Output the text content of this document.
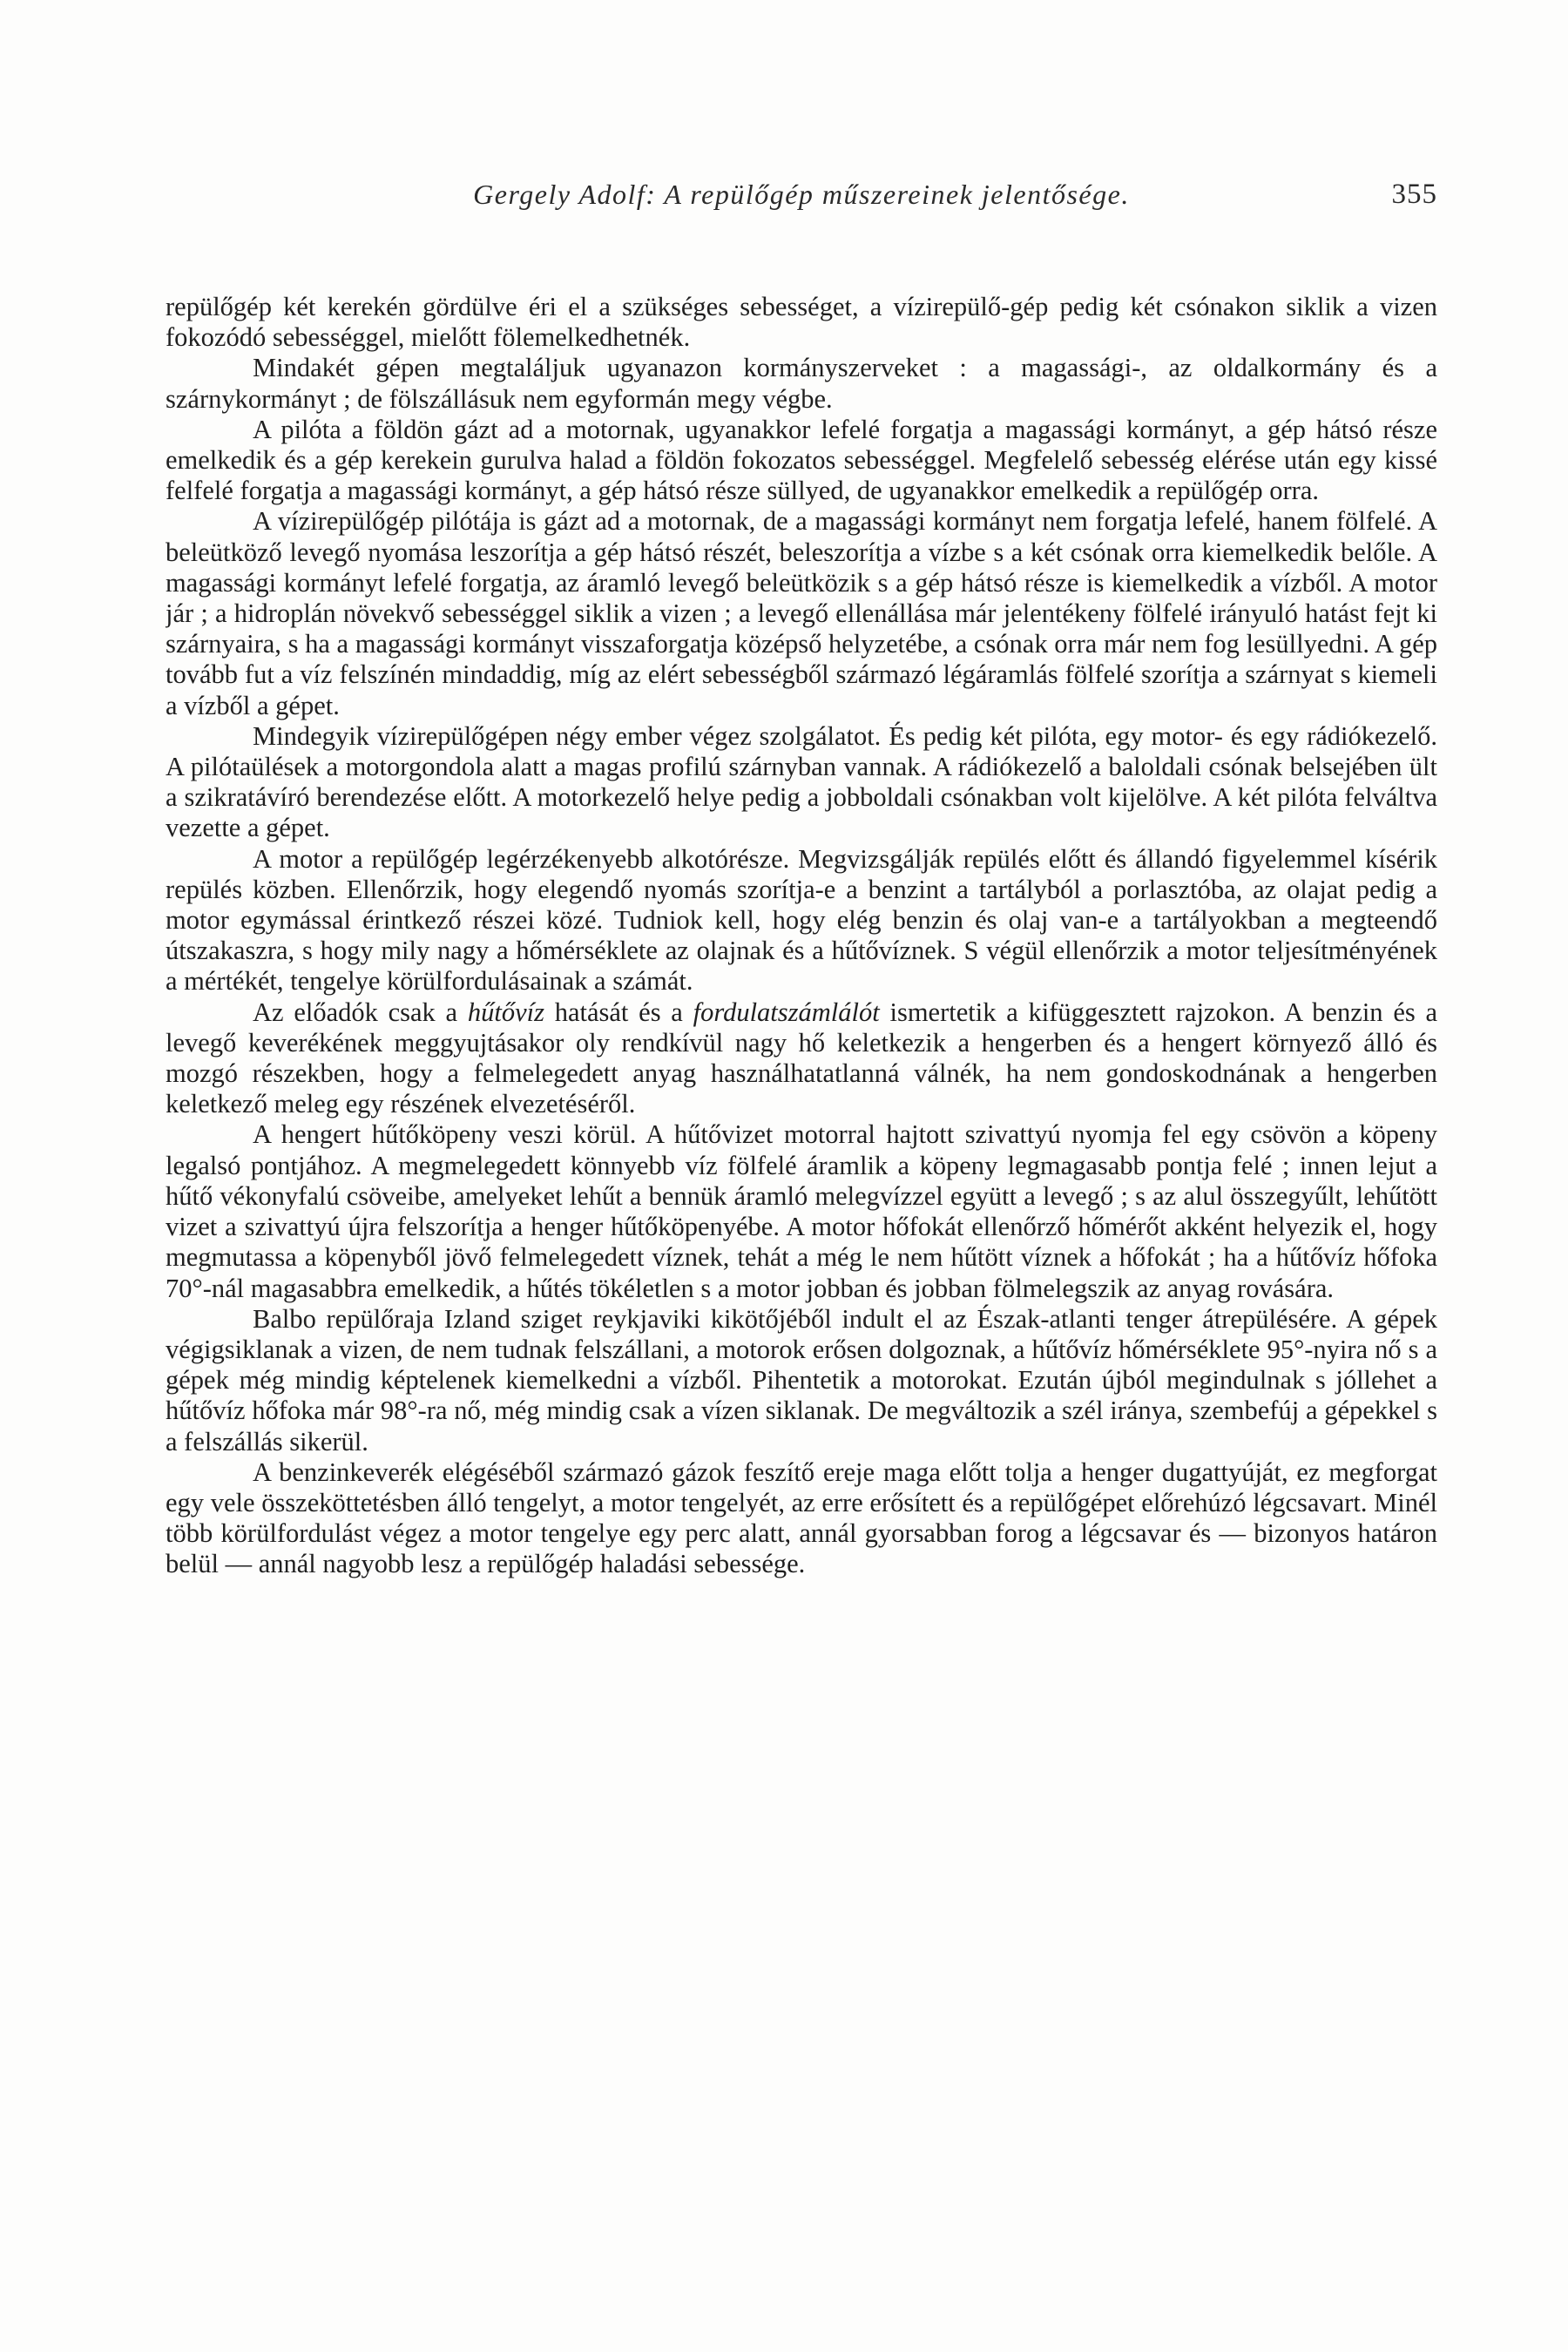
Gergely Adolf: A repülőgép műszereinek jelentősége.	355

repülőgép két kerekén gördülve éri el a szükséges sebességet, a vízirepülő-gép pedig két csónakon siklik a vizen fokozódó sebességgel, mielőtt fölemelkedhetnék.

Mindakét gépen megtaláljuk ugyanazon kormányszerveket : a magassági-, az oldalkormány és a szárnykormányt ; de fölszállásuk nem egyformán megy végbe.

A pilóta a földön gázt ad a motornak, ugyanakkor lefelé forgatja a magassági kormányt, a gép hátsó része emelkedik és a gép kerekein gurulva halad a földön fokozatos sebességgel. Megfelelő sebesség elérése után egy kissé felfelé forgatja a magassági kormányt, a gép hátsó része süllyed, de ugyanakkor emelkedik a repülőgép orra.

A vízirepülőgép pilótája is gázt ad a motornak, de a magassági kormányt nem forgatja lefelé, hanem fölfelé. A beleütköző levegő nyomása leszorítja a gép hátsó részét, beleszorítja a vízbe s a két csónak orra kiemelkedik belőle. A magassági kormányt lefelé forgatja, az áramló levegő beleütközik s a gép hátsó része is kiemelkedik a vízből. A motor jár ; a hidroplán növekvő sebességgel siklik a vizen ; a levegő ellenállása már jelentékeny fölfelé irányuló hatást fejt ki szárnyaira, s ha a magassági kormányt visszaforgatja középső helyzetébe, a csónak orra már nem fog lesüllyedni. A gép tovább fut a víz felszínén mindaddig, míg az elért sebességből származó légáramlás fölfelé szorítja a szárnyat s kiemeli a vízből a gépet.

Mindegyik vízirepülőgépen négy ember végez szolgálatot. És pedig két pilóta, egy motor- és egy rádiókezelő. A pilótaülések a motorgondola alatt a magas profilú szárnyban vannak. A rádiókezelő a baloldali csónak belsejében ült a szikratávíró berendezése előtt. A motorkezelő helye pedig a jobboldali csónakban volt kijelölve. A két pilóta felváltva vezette a gépet.

A motor a repülőgép legérzékenyebb alkotórésze. Megvizsgálják repülés előtt és állandó figyelemmel kísérik repülés közben. Ellenőrzik, hogy elegendő nyomás szorítja-e a benzint a tartályból a porlasztóba, az olajat pedig a motor egymással érintkező részei közé. Tudniok kell, hogy elég benzin és olaj van-e a tartályokban a megteendő útszakaszra, s hogy mily nagy a hőmérséklete az olajnak és a hűtővíznek. S végül ellenőrzik a motor teljesítményének a mértékét, tengelye körülfordulásainak a számát.

Az előadók csak a hűtővíz hatását és a fordulatszámlálót ismertetik a kifüggesztett rajzokon. A benzin és a levegő keverékének meggyujtásakor oly rendkívül nagy hő keletkezik a hengerben és a hengert környező álló és mozgó részekben, hogy a felmelegedett anyag használhatatlanná válnék, ha nem gondoskodnának a hengerben keletkező meleg egy részének elvezetéséről.

A hengert hűtőköpeny veszi körül. A hűtővizet motorral hajtott szivattyú nyomja fel egy csövön a köpeny legalsó pontjához. A megmelegedett könnyebb víz fölfelé áramlik a köpeny legmagasabb pontja felé ; innen lejut a hűtő vékonyfalú csöveibe, amelyeket lehűt a bennük áramló melegvízzel együtt a levegő ; s az alul összegyűlt, lehűtött vizet a szivattyú újra felszorítja a henger hűtőköpenyébe. A motor hőfokát ellenőrző hőmérőt akként helyezik el, hogy megmutassa a köpenyből jövő felmelegedett víznek, tehát a még le nem hűtött víznek a hőfokát ; ha a hűtővíz hőfoka 70°-nál magasabbra emelkedik, a hűtés tökéletlen s a motor jobban és jobban fölmelegszik az anyag rovására.

Balbo repülőraja Izland sziget reykjaviki kikötőjéből indult el az Észak-atlanti tenger átrepülésére. A gépek végigsiklanak a vizen, de nem tudnak felszállani, a motorok erősen dolgoznak, a hűtővíz hőmérséklete 95°-nyira nő s a gépek még mindig képtelenek kiemelkedni a vízből. Pihentetik a motorokat. Ezután újból megindulnak s jóllehet a hűtővíz hőfoka már 98°-ra nő, még mindig csak a vízen siklanak. De megváltozik a szél iránya, szembefúj a gépekkel s a felszállás sikerül.

A benzinkeverék elégéséből származó gázok feszítő ereje maga előtt tolja a henger dugattyúját, ez megforgat egy vele összeköttetésben álló tengelyt, a motor tengelyét, az erre erősített és a repülőgépet előrehúzó légcsavart. Minél több körülfordulást végez a motor tengelye egy perc alatt, annál gyorsabban forog a légcsavar és — bizonyos határon belül — annál nagyobb lesz a repülőgép haladási sebessége.
